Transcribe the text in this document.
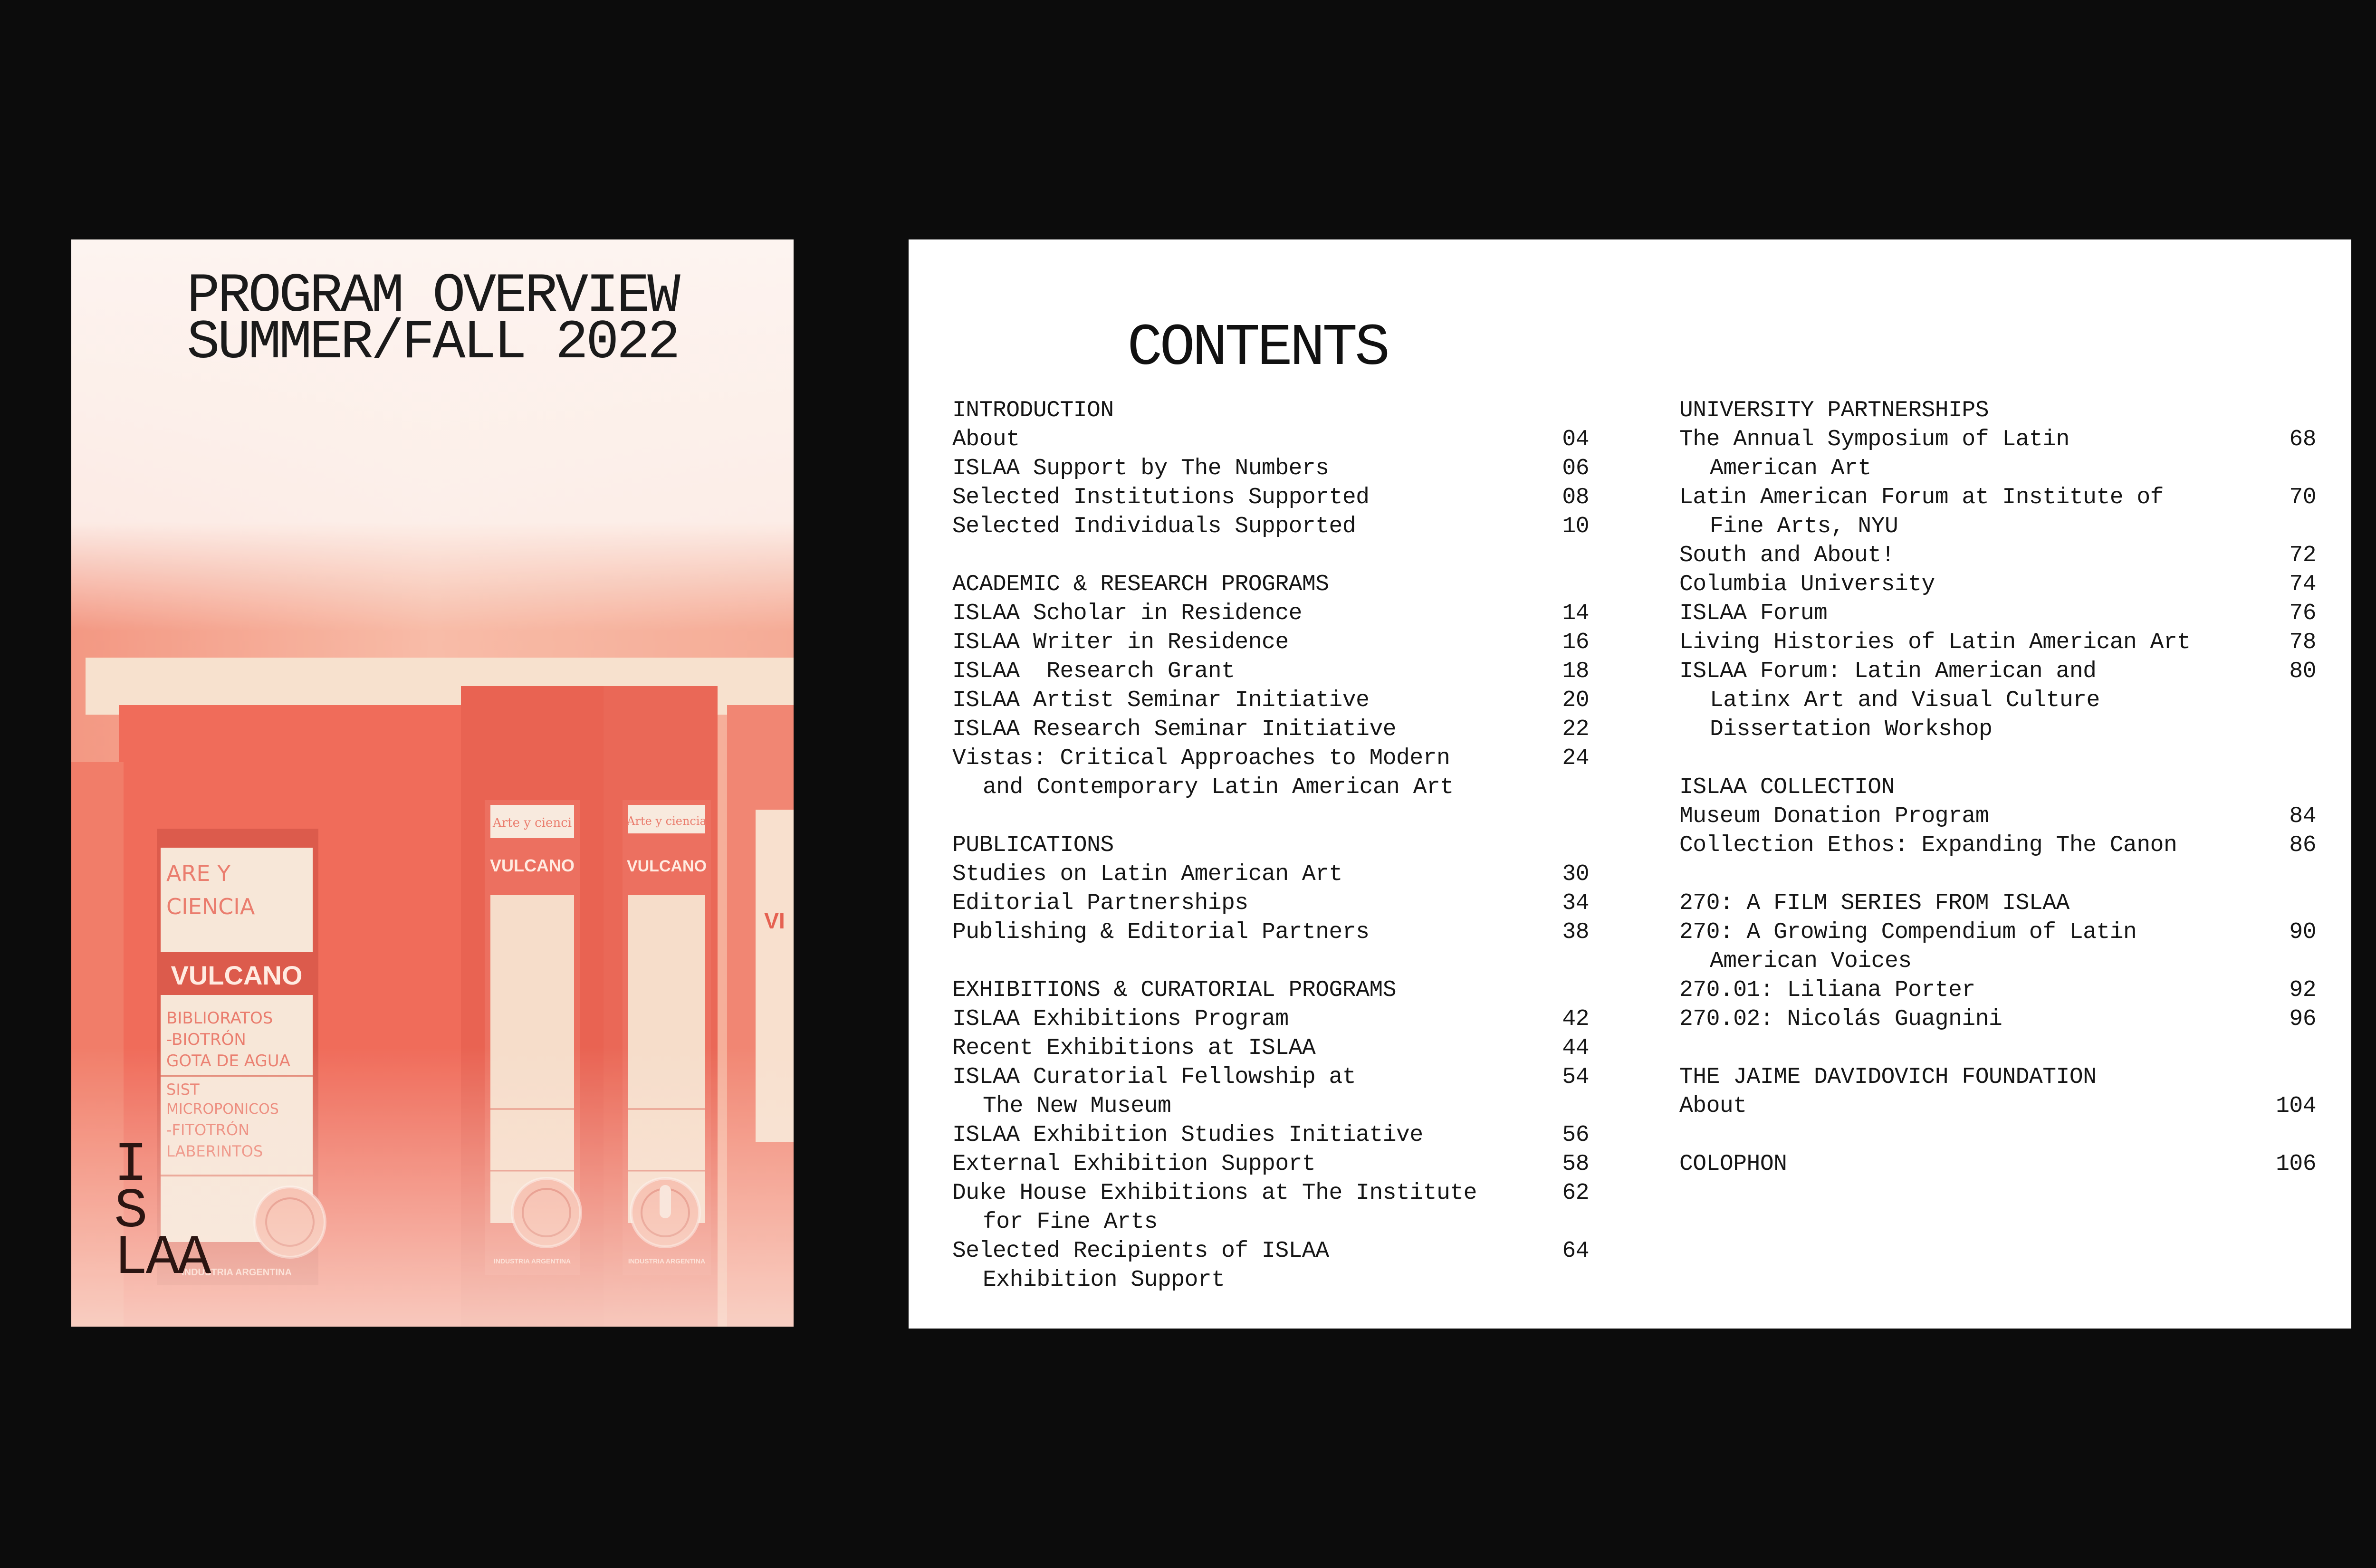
PROGRAM OVERVIEW
SUMMER/FALL 2022
I
S
LAA
CONTENTS
INTRODUCTION
About	04
ISLAA Support by The Numbers	06
Selected Institutions Supported	08
Selected Individuals Supported	10
ACADEMIC & RESEARCH PROGRAMS
ISLAA Scholar in Residence	14
ISLAA Writer in Residence	16
ISLAA  Research Grant	18
ISLAA Artist Seminar Initiative	20
ISLAA Research Seminar Initiative	22
Vistas: Critical Approaches to Modern	24
and Contemporary Latin American Art
PUBLICATIONS
Studies on Latin American Art	30
Editorial Partnerships	34
Publishing & Editorial Partners	38
EXHIBITIONS & CURATORIAL PROGRAMS
ISLAA Exhibitions Program	42
Recent Exhibitions at ISLAA	44
ISLAA Curatorial Fellowship at	54
The New Museum
ISLAA Exhibition Studies Initiative	56
External Exhibition Support	58
Duke House Exhibitions at The Institute	62
for Fine Arts
Selected Recipients of ISLAA	64
Exhibition Support
UNIVERSITY PARTNERSHIPS
The Annual Symposium of Latin	68
American Art
Latin American Forum at Institute of	70
Fine Arts, NYU
South and About!	72
Columbia University	74
ISLAA Forum	76
Living Histories of Latin American Art	78
ISLAA Forum: Latin American and	80
Latinx Art and Visual Culture
Dissertation Workshop
ISLAA COLLECTION
Museum Donation Program	84
Collection Ethos: Expanding The Canon	86
270: A FILM SERIES FROM ISLAA
270: A Growing Compendium of Latin	90
American Voices
270.01: Liliana Porter	92
270.02: Nicolás Guagnini	96
THE JAIME DAVIDOVICH FOUNDATION
About	104
COLOPHON	106
